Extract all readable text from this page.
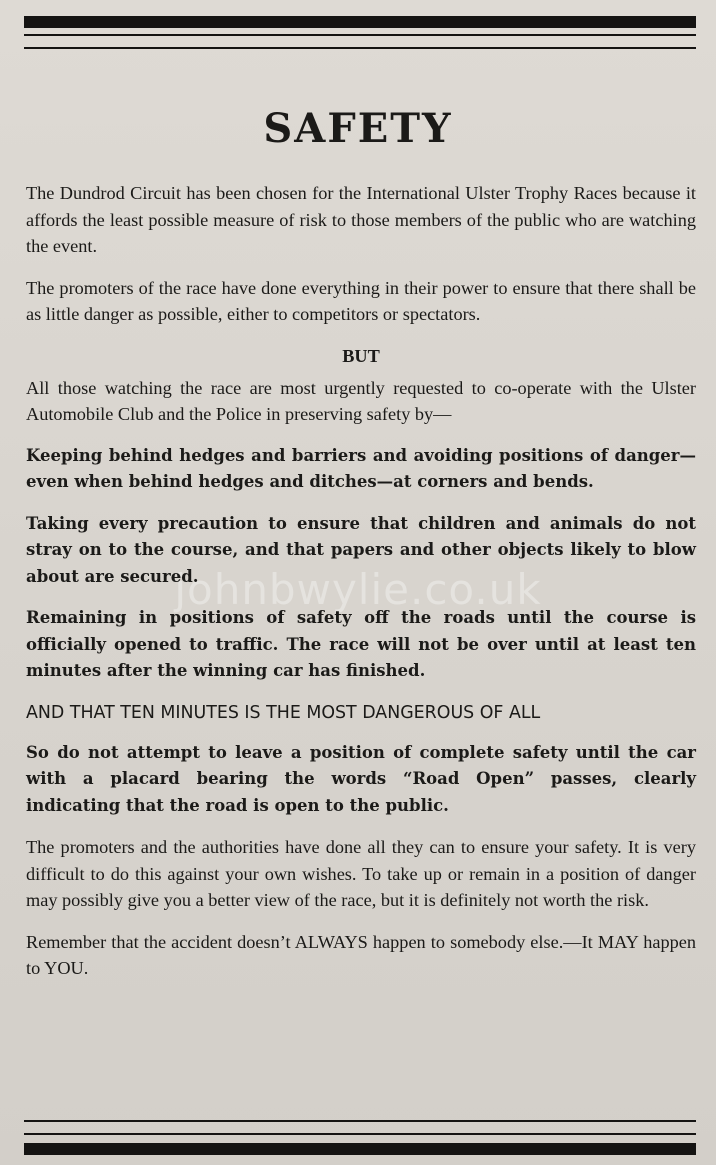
SAFETY
johnbwylie.co.uk

The Dundrod Circuit has been chosen for the International Ulster Trophy Races because it affords the least possible measure of risk to those members of the public who are watching the event.

The promoters of the race have done everything in their power to ensure that there shall be as little danger as possible, either to competitors or spectators.

BUT

All those watching the race are most urgently requested to co-operate with the Ulster Automobile Club and the Police in preserving safety by—

Keeping behind hedges and barriers and avoiding positions of danger—even when behind hedges and ditches—at corners and bends.

Taking every precaution to ensure that children and animals do not stray on to the course, and that papers and other objects likely to blow about are secured.

Remaining in positions of safety off the roads until the course is officially opened to traffic. The race will not be over until at least ten minutes after the winning car has finished.

AND THAT TEN MINUTES IS THE MOST DANGEROUS OF ALL

So do not attempt to leave a position of complete safety until the car with a placard bearing the words “Road Open” passes, clearly indicating that the road is open to the public.

The promoters and the authorities have done all they can to ensure your safety. It is very difficult to do this against your own wishes. To take up or remain in a position of danger may possibly give you a better view of the race, but it is definitely not worth the risk.

Remember that the accident doesn’t ALWAYS happen to somebody else.—It MAY happen to YOU.
